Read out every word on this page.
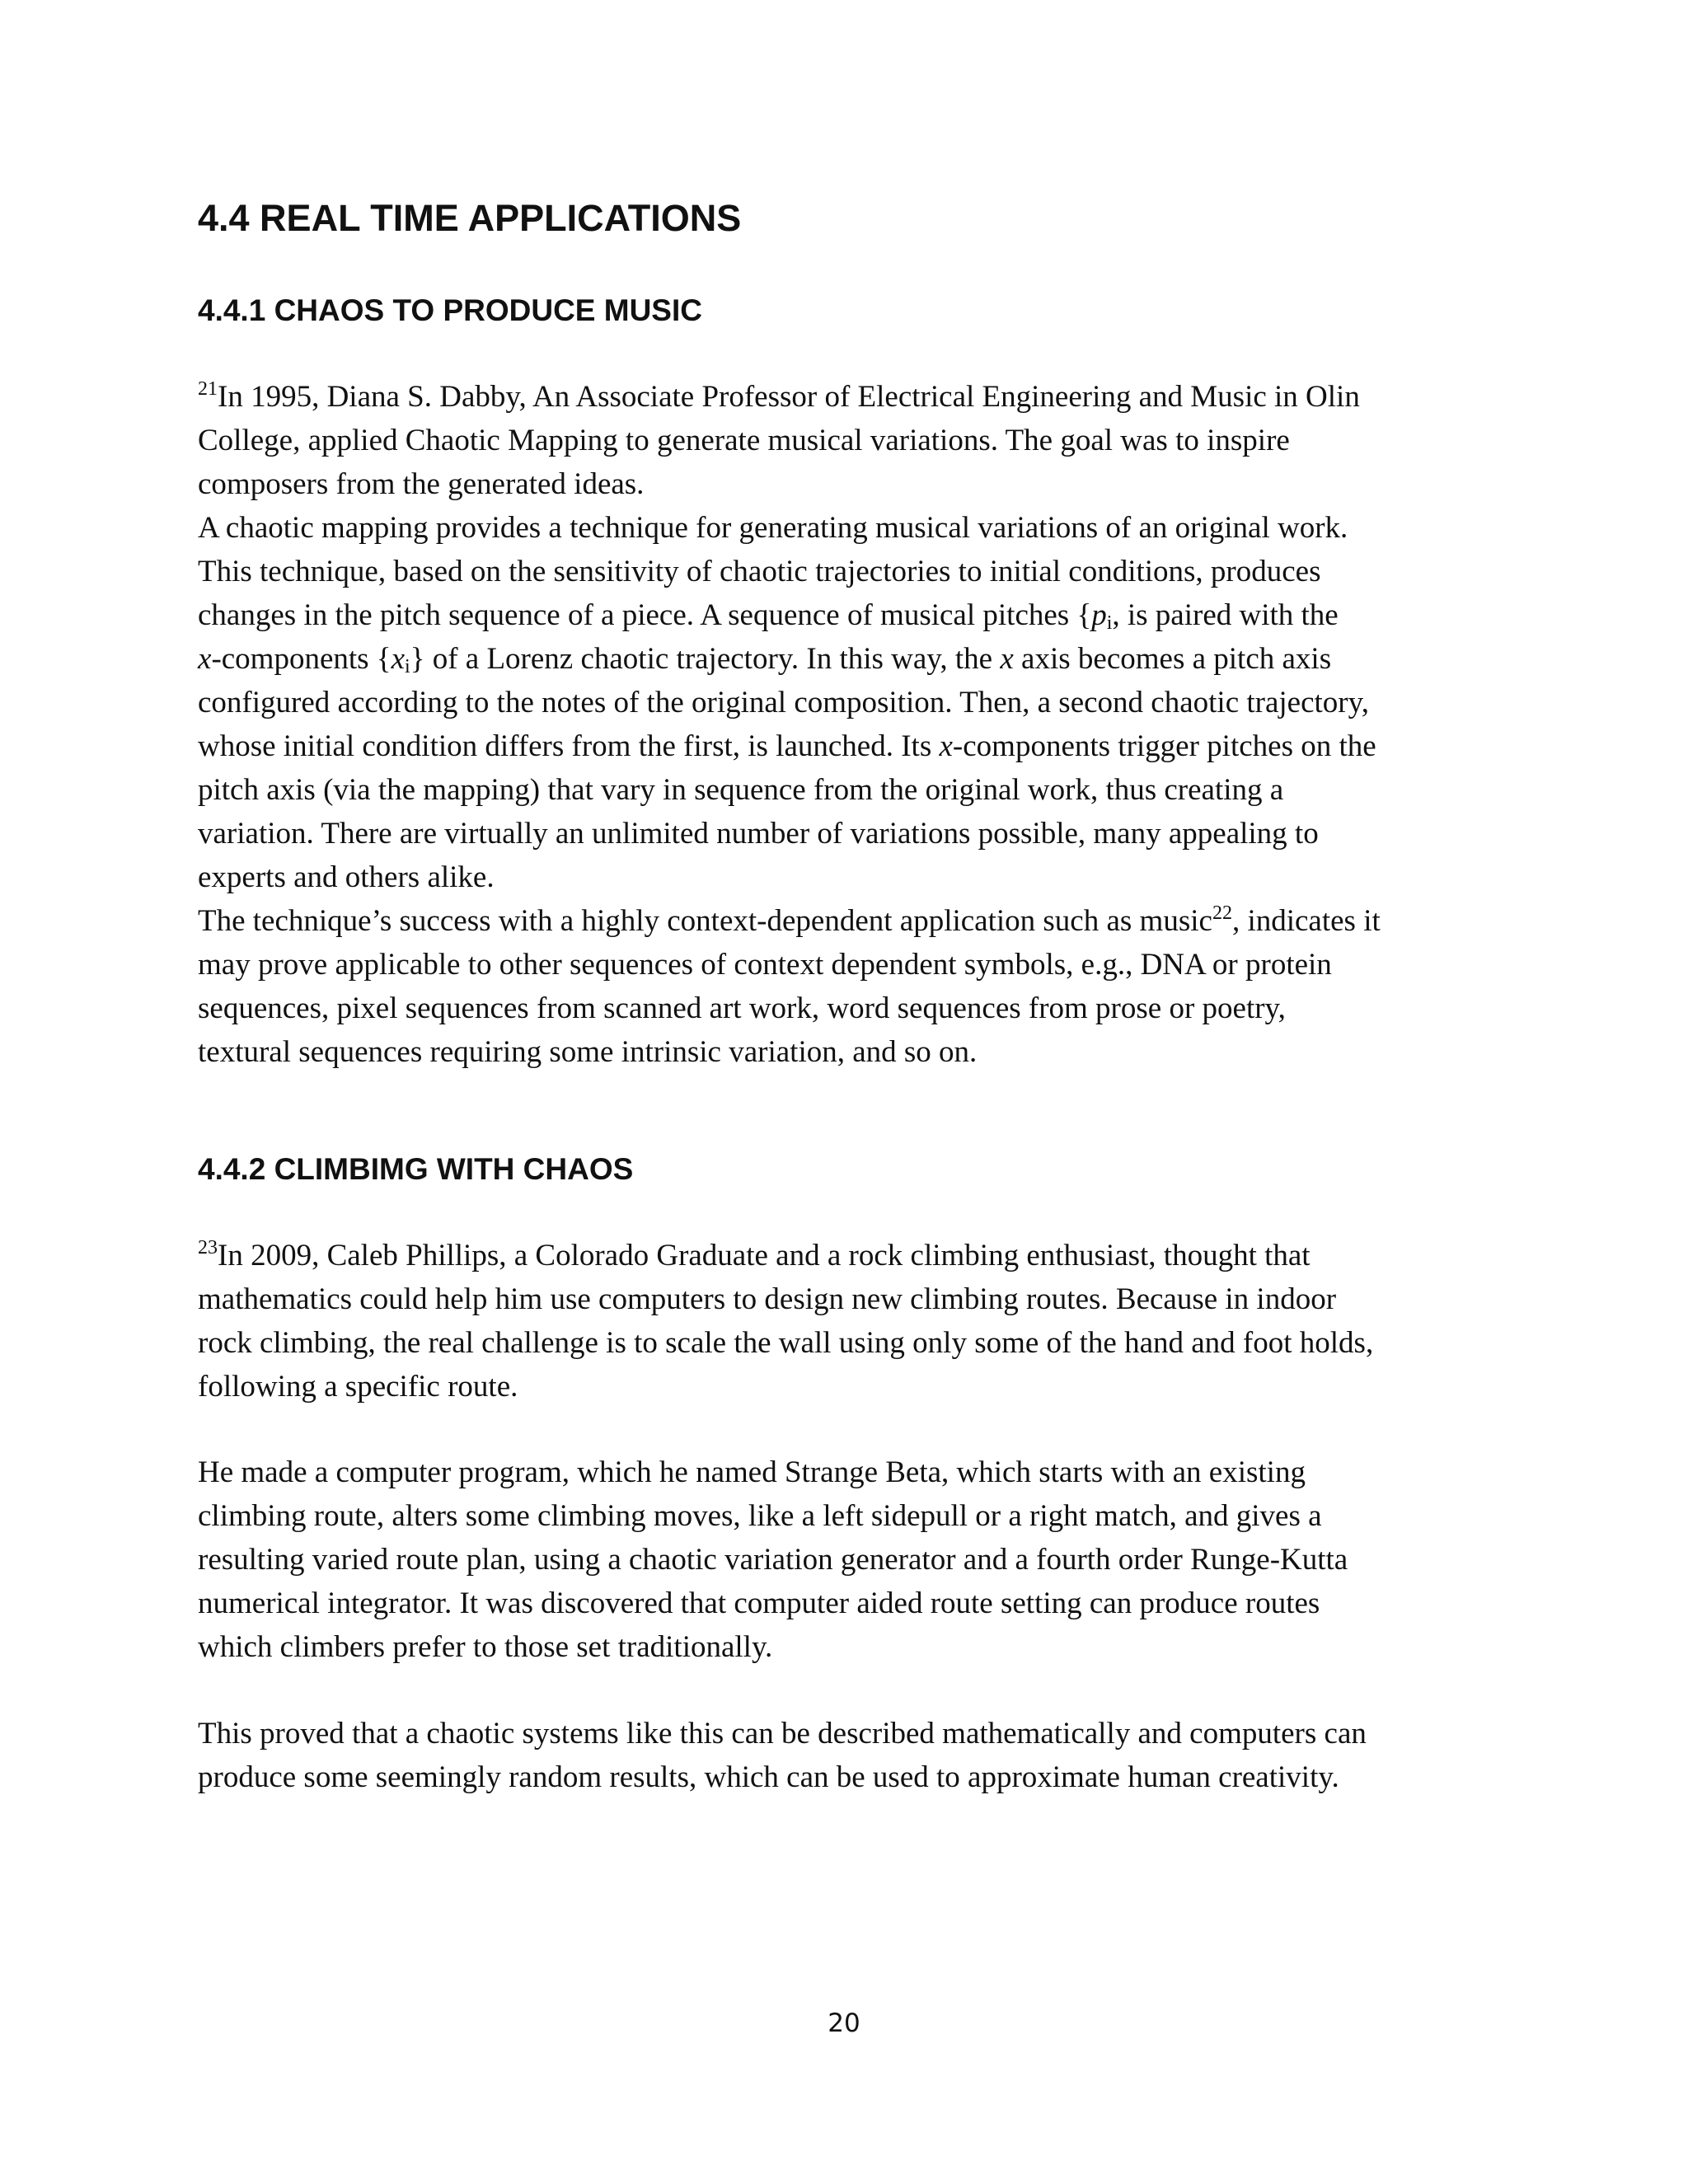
4.4 REAL TIME APPLICATIONS
4.4.1 CHAOS TO PRODUCE MUSIC
$^{21}$In 1995, Diana S. Dabby, An Associate Professor of Electrical Engineering and Music in Olin
College, applied Chaotic Mapping to generate musical variations. The goal was to inspire
composers from the generated ideas.
A chaotic mapping provides a technique for generating musical variations of an original work.
This technique, based on the sensitivity of chaotic trajectories to initial conditions, produces
changes in the pitch sequence of a piece. A sequence of musical pitches {$p_i$, is paired with the
x-components $\{x_i\}$ of a Lorenz chaotic trajectory. In this way, the x axis becomes a pitch axis
configured according to the notes of the original composition. Then, a second chaotic trajectory,
whose initial condition differs from the first, is launched. Its x-components trigger pitches on the
pitch axis (via the mapping) that vary in sequence from the original work, thus creating a
variation. There are virtually an unlimited number of variations possible, many appealing to
experts and others alike.
The technique’s success with a highly context-dependent application such as music$^{22}$, indicates it
may prove applicable to other sequences of context dependent symbols, e.g., DNA or protein
sequences, pixel sequences from scanned art work, word sequences from prose or poetry,
textural sequences requiring some intrinsic variation, and so on.
4.4.2 CLIMBIMG WITH CHAOS
$^{23}$In 2009, Caleb Phillips, a Colorado Graduate and a rock climbing enthusiast, thought that
mathematics could help him use computers to design new climbing routes. Because in indoor
rock climbing, the real challenge is to scale the wall using only some of the hand and foot holds,
following a specific route.
He made a computer program, which he named Strange Beta, which starts with an existing
climbing route, alters some climbing moves, like a left sidepull or a right match, and gives a
resulting varied route plan, using a chaotic variation generator and a fourth order Runge-Kutta
numerical integrator. It was discovered that computer aided route setting can produce routes
which climbers prefer to those set traditionally.
This proved that a chaotic systems like this can be described mathematically and computers can
produce some seemingly random results, which can be used to approximate human creativity.
20
